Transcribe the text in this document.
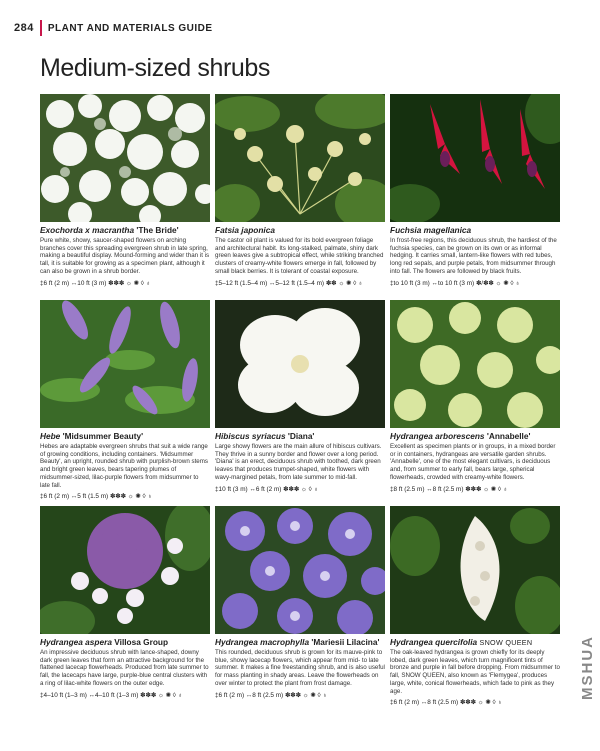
284 PLANT AND MATERIALS GUIDE
Medium-sized shrubs
Exochorda x macrantha 'The Bride'
Pure white, showy, saucer-shaped flowers on arching branches cover this spreading evergreen shrub in late spring, making a beautiful display. Mound-forming and wider than it is tall, it is suitable for growing as a specimen plant, although it can also be grown in a shrub border.
‡6 ft (2 m) ↔10 ft (3 m) ✽✽✽ ☼ ✺ ◊ ♁
Fatsia japonica
The castor oil plant is valued for its bold evergreen foliage and architectural habit. Its long-stalked, palmate, shiny dark green leaves give a subtropical effect, while striking branched clusters of creamy-white flowers emerge in fall, followed by small black berries. It is tolerant of coastal exposure.
‡5–12 ft (1.5–4 m) ↔5–12 ft (1.5–4 m) ✽✽ ☼ ✺ ◊ ♁
Fuchsia magellanica
In frost-free regions, this deciduous shrub, the hardiest of the fuchsia species, can be grown on its own or as informal hedging. It carries small, lantern-like flowers with red tubes, long red sepals, and purple petals, from midsummer through into fall. The flowers are followed by black fruits.
‡to 10 ft (3 m) ↔to 10 ft (3 m) ✽/✽✽ ☼ ✺ ◊ ♁
Hebe 'Midsummer Beauty'
Hebes are adaptable evergreen shrubs that suit a wide range of growing conditions, including containers. 'Midsummer Beauty', an upright, rounded shrub with purplish-brown stems and bright green leaves, bears tapering plumes of midsummer-sized, lilac-purple flowers from midsummer to late fall.
‡6 ft (2 m) ↔5 ft (1.5 m) ✽✽✽ ☼ ✺ ◊ ♁
Hibiscus syriacus 'Diana'
Large showy flowers are the main allure of hibiscus cultivars. They thrive in a sunny border and flower over a long period. 'Diana' is an erect, deciduous shrub with toothed, dark green leaves that produces trumpet-shaped, white flowers with wavy-margined petals, from late summer to mid-fall.
‡10 ft (3 m) ↔6 ft (2 m) ✽✽✽ ☼ ◊ ♁
Hydrangea arborescens 'Annabelle'
Excellent as specimen plants or in groups, in a mixed border or in containers, hydrangeas are versatile garden shrubs. 'Annabelle', one of the most elegant cultivars, is deciduous and, from summer to early fall, bears large, spherical flowerheads, crowded with creamy-white flowers.
‡8 ft (2.5 m) ↔8 ft (2.5 m) ✽✽✽ ☼ ✺ ◊ ♁
Hydrangea aspera Villosa Group
An impressive deciduous shrub with lance-shaped, downy dark green leaves that form an attractive background for the flattened lacecap flowerheads. Produced from late summer to fall, the lacecaps have large, purple-blue central clusters with a ring of lilac-white flowers on the outer edge.
‡4–10 ft (1–3 m) ↔4–10 ft (1–3 m) ✽✽✽ ☼ ✺ ◊ ♁
Hydrangea macrophylla 'Mariesii Lilacina'
This rounded, deciduous shrub is grown for its mauve-pink to blue, showy lacecap flowers, which appear from mid- to late summer. It makes a fine freestanding shrub, and is also useful for mass planting in shady areas. Leave the flowerheads on over winter to protect the plant from frost damage.
‡6 ft (2 m) ↔8 ft (2.5 m) ✽✽✽ ☼ ✺ ◊ ♁
Hydrangea quercifolia SNOW QUEEN
The oak-leaved hydrangea is grown chiefly for its deeply lobed, dark green leaves, which turn magnificent tints of bronze and purple in fall before dropping. From midsummer to fall, SNOW QUEEN, also known as 'Flemygea', produces large, white, conical flowerheads, which fade to pink as they age.
‡6 ft (2 m) ↔8 ft (2.5 m) ✽✽✽ ☼ ✺ ◊ ♁
MSHUA
